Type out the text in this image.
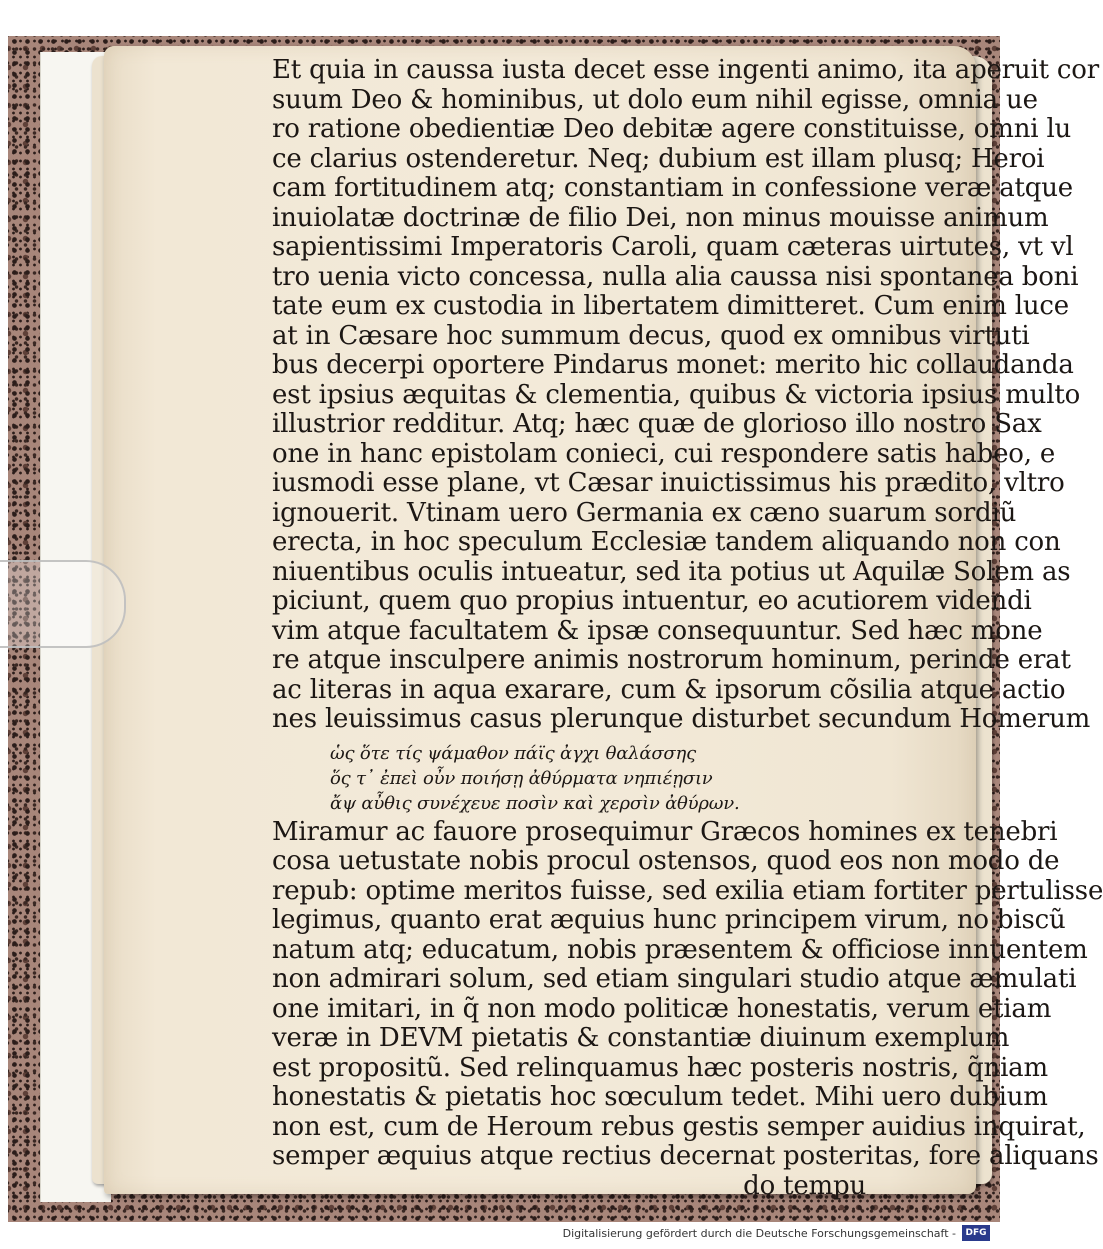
Et quia in caussa iusta decet esse ingenti animo, ita aperuit cor
suum Deo & hominibus, ut dolo eum nihil egisse, omnia ue
ro ratione obedientiæ Deo debitæ agere constituisse, omni lu
ce clarius ostenderetur. Neq; dubium est illam plusq; Heroi
cam fortitudinem atq; constantiam in confessione veræ atque
inuiolatæ doctrinæ de filio Dei, non minus mouisse animum
sapientissimi Imperatoris Caroli, quam cæteras uirtutes, vt vl
tro uenia victo concessa, nulla alia caussa nisi spontanea boni
tate eum ex custodia in libertatem dimitteret. Cum enim luce
at in Cæsare hoc summum decus, quod ex omnibus virtuti
bus decerpi oportere Pindarus monet: merito hic collaudanda
est ipsius æquitas & clementia, quibus & victoria ipsius multo
illustrior redditur. Atq; hæc quæ de glorioso illo nostro Sax
one in hanc epistolam conieci, cui respondere satis habeo, e
iusmodi esse plane, vt Cæsar inuictissimus his prædito, vltro
ignouerit. Vtinam uero Germania ex cæno suarum sordiũ
erecta, in hoc speculum Ecclesiæ tandem aliquando non con
niuentibus oculis intueatur, sed ita potius ut Aquilæ Solem as
piciunt, quem quo propius intuentur, eo acutiorem videndi
vim atque facultatem & ipsæ consequuntur. Sed hæc mone
re atque insculpere animis nostrorum hominum, perinde erat
ac literas in aqua exarare, cum & ipsorum cõsilia atque actio
nes leuissimus casus plerunque disturbet secundum Homerum
ὡς ὅτε τίς ψάμαθον πάϊς ἀγχι θαλάσσης
ὅς τ᾽ ἐπεὶ οὖν ποιήσῃ ἀθύρματα νηπιέῃσιν
ἄψ αὖθις συνέχευε ποσὶν καὶ χερσὶν ἀθύρων.
Miramur ac fauore prosequimur Græcos homines ex tenebri
cosa uetustate nobis procul ostensos, quod eos non modo de
repub: optime meritos fuisse, sed exilia etiam fortiter pertulisse
legimus, quanto erat æquius hunc principem virum, no biscũ
natum atq; educatum, nobis præsentem & officiose innuentem
non admirari solum, sed etiam singulari studio atque æmulati
one imitari, in q̃ non modo politicæ honestatis, verum etiam
veræ in DEVM pietatis & constantiæ diuinum exemplum
est propositũ. Sed relinquamus hæc posteris nostris, q̃niam
honestatis & pietatis hoc sœculum tedet. Mihi uero dubium
non est, cum de Heroum rebus gestis semper auidius inquirat,
semper æquius atque rectius decernat posteritas, fore aliquans
do tempu
Digitalisierung gefördert durch die Deutsche Forschungsgemeinschaft -	DFG
